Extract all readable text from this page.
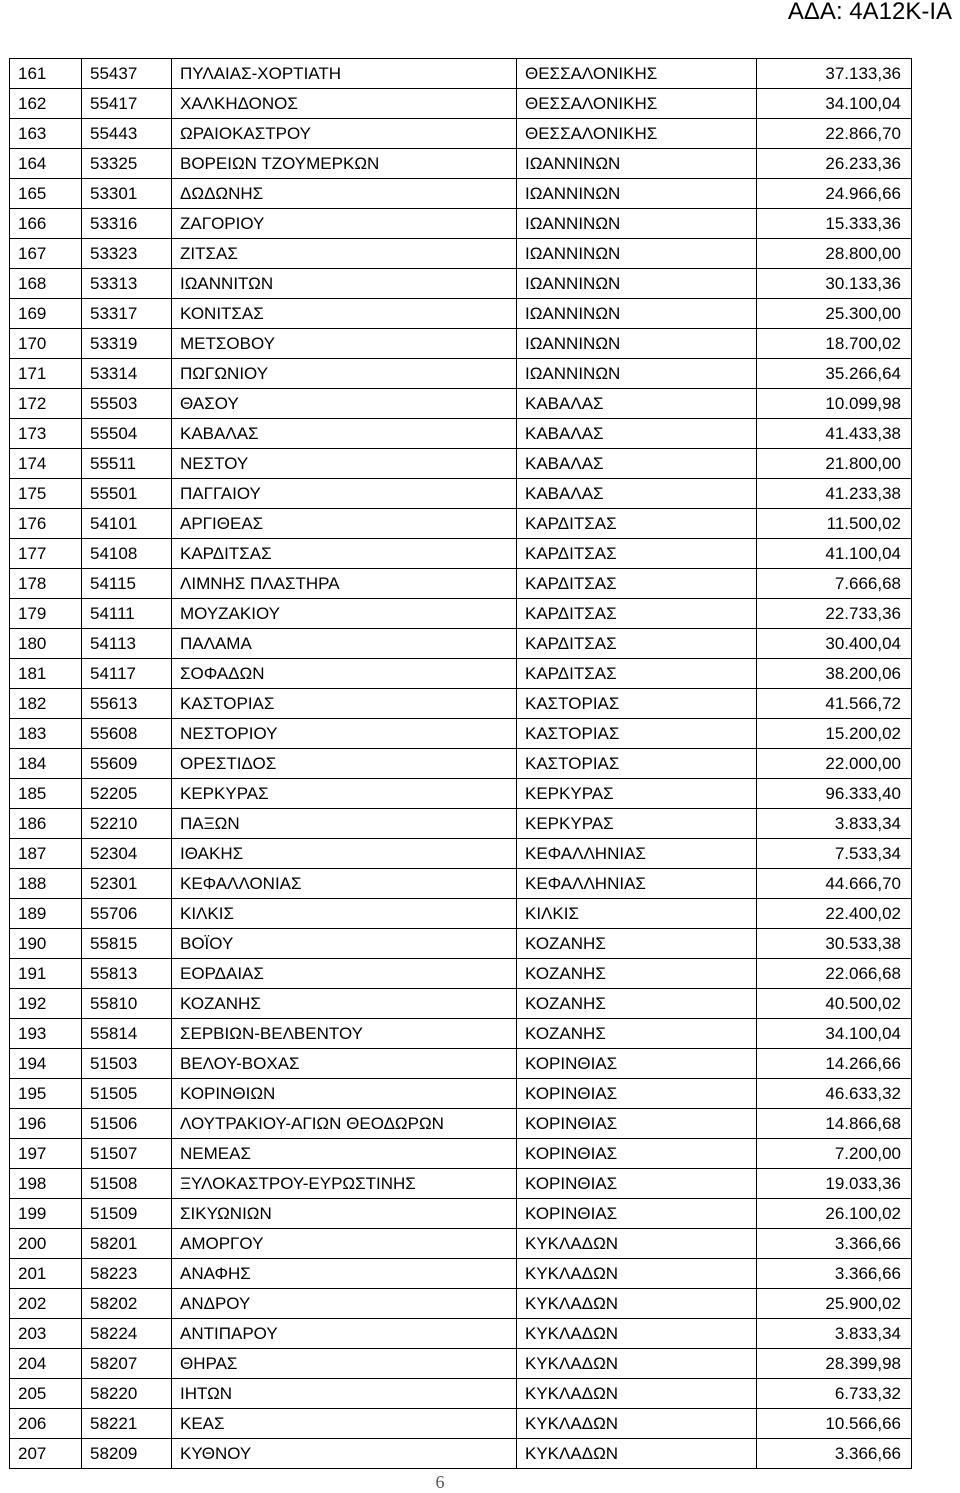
ΑΔΑ: 4Α12Κ-ΙΑ
161	55437	ΠΥΛΑΙΑΣ-ΧΟΡΤΙΑΤΗ	ΘΕΣΣΑΛΟΝΙΚΗΣ	37.133,36
162	55417	ΧΑΛΚΗΔΟΝΟΣ	ΘΕΣΣΑΛΟΝΙΚΗΣ	34.100,04
163	55443	ΩΡΑΙΟΚΑΣΤΡΟΥ	ΘΕΣΣΑΛΟΝΙΚΗΣ	22.866,70
164	53325	ΒΟΡΕΙΩΝ ΤΖΟΥΜΕΡΚΩΝ	ΙΩΑΝΝΙΝΩΝ	26.233,36
165	53301	ΔΩΔΩΝΗΣ	ΙΩΑΝΝΙΝΩΝ	24.966,66
166	53316	ΖΑΓΟΡΙΟΥ	ΙΩΑΝΝΙΝΩΝ	15.333,36
167	53323	ΖΙΤΣΑΣ	ΙΩΑΝΝΙΝΩΝ	28.800,00
168	53313	ΙΩΑΝΝΙΤΩΝ	ΙΩΑΝΝΙΝΩΝ	30.133,36
169	53317	ΚΟΝΙΤΣΑΣ	ΙΩΑΝΝΙΝΩΝ	25.300,00
170	53319	ΜΕΤΣΟΒΟΥ	ΙΩΑΝΝΙΝΩΝ	18.700,02
171	53314	ΠΩΓΩΝΙΟΥ	ΙΩΑΝΝΙΝΩΝ	35.266,64
172	55503	ΘΑΣΟΥ	ΚΑΒΑΛΑΣ	10.099,98
173	55504	ΚΑΒΑΛΑΣ	ΚΑΒΑΛΑΣ	41.433,38
174	55511	ΝΕΣΤΟΥ	ΚΑΒΑΛΑΣ	21.800,00
175	55501	ΠΑΓΓΑΙΟΥ	ΚΑΒΑΛΑΣ	41.233,38
176	54101	ΑΡΓΙΘΕΑΣ	ΚΑΡΔΙΤΣΑΣ	11.500,02
177	54108	ΚΑΡΔΙΤΣΑΣ	ΚΑΡΔΙΤΣΑΣ	41.100,04
178	54115	ΛΙΜΝΗΣ ΠΛΑΣΤΗΡΑ	ΚΑΡΔΙΤΣΑΣ	7.666,68
179	54111	ΜΟΥΖΑΚΙΟΥ	ΚΑΡΔΙΤΣΑΣ	22.733,36
180	54113	ΠΑΛΑΜΑ	ΚΑΡΔΙΤΣΑΣ	30.400,04
181	54117	ΣΟΦΑΔΩΝ	ΚΑΡΔΙΤΣΑΣ	38.200,06
182	55613	ΚΑΣΤΟΡΙΑΣ	ΚΑΣΤΟΡΙΑΣ	41.566,72
183	55608	ΝΕΣΤΟΡΙΟΥ	ΚΑΣΤΟΡΙΑΣ	15.200,02
184	55609	ΟΡΕΣΤΙΔΟΣ	ΚΑΣΤΟΡΙΑΣ	22.000,00
185	52205	ΚΕΡΚΥΡΑΣ	ΚΕΡΚΥΡΑΣ	96.333,40
186	52210	ΠΑΞΩΝ	ΚΕΡΚΥΡΑΣ	3.833,34
187	52304	ΙΘΑΚΗΣ	ΚΕΦΑΛΛΗΝΙΑΣ	7.533,34
188	52301	ΚΕΦΑΛΛΟΝΙΑΣ	ΚΕΦΑΛΛΗΝΙΑΣ	44.666,70
189	55706	ΚΙΛΚΙΣ	ΚΙΛΚΙΣ	22.400,02
190	55815	ΒΟΪΟΥ	ΚΟΖΑΝΗΣ	30.533,38
191	55813	ΕΟΡΔΑΙΑΣ	ΚΟΖΑΝΗΣ	22.066,68
192	55810	ΚΟΖΑΝΗΣ	ΚΟΖΑΝΗΣ	40.500,02
193	55814	ΣΕΡΒΙΩΝ-ΒΕΛΒΕΝΤΟΥ	ΚΟΖΑΝΗΣ	34.100,04
194	51503	ΒΕΛΟΥ-ΒΟΧΑΣ	ΚΟΡΙΝΘΙΑΣ	14.266,66
195	51505	ΚΟΡΙΝΘΙΩΝ	ΚΟΡΙΝΘΙΑΣ	46.633,32
196	51506	ΛΟΥΤΡΑΚΙΟΥ-ΑΓΙΩΝ ΘΕΟΔΩΡΩΝ	ΚΟΡΙΝΘΙΑΣ	14.866,68
197	51507	ΝΕΜΕΑΣ	ΚΟΡΙΝΘΙΑΣ	7.200,00
198	51508	ΞΥΛΟΚΑΣΤΡΟΥ-ΕΥΡΩΣΤΙΝΗΣ	ΚΟΡΙΝΘΙΑΣ	19.033,36
199	51509	ΣΙΚΥΩΝΙΩΝ	ΚΟΡΙΝΘΙΑΣ	26.100,02
200	58201	ΑΜΟΡΓΟΥ	ΚΥΚΛΑΔΩΝ	3.366,66
201	58223	ΑΝΑΦΗΣ	ΚΥΚΛΑΔΩΝ	3.366,66
202	58202	ΑΝΔΡΟΥ	ΚΥΚΛΑΔΩΝ	25.900,02
203	58224	ΑΝΤΙΠΑΡΟΥ	ΚΥΚΛΑΔΩΝ	3.833,34
204	58207	ΘΗΡΑΣ	ΚΥΚΛΑΔΩΝ	28.399,98
205	58220	ΙΗΤΩΝ	ΚΥΚΛΑΔΩΝ	6.733,32
206	58221	ΚΕΑΣ	ΚΥΚΛΑΔΩΝ	10.566,66
207	58209	ΚΥΘΝΟΥ	ΚΥΚΛΑΔΩΝ	3.366,66
6
